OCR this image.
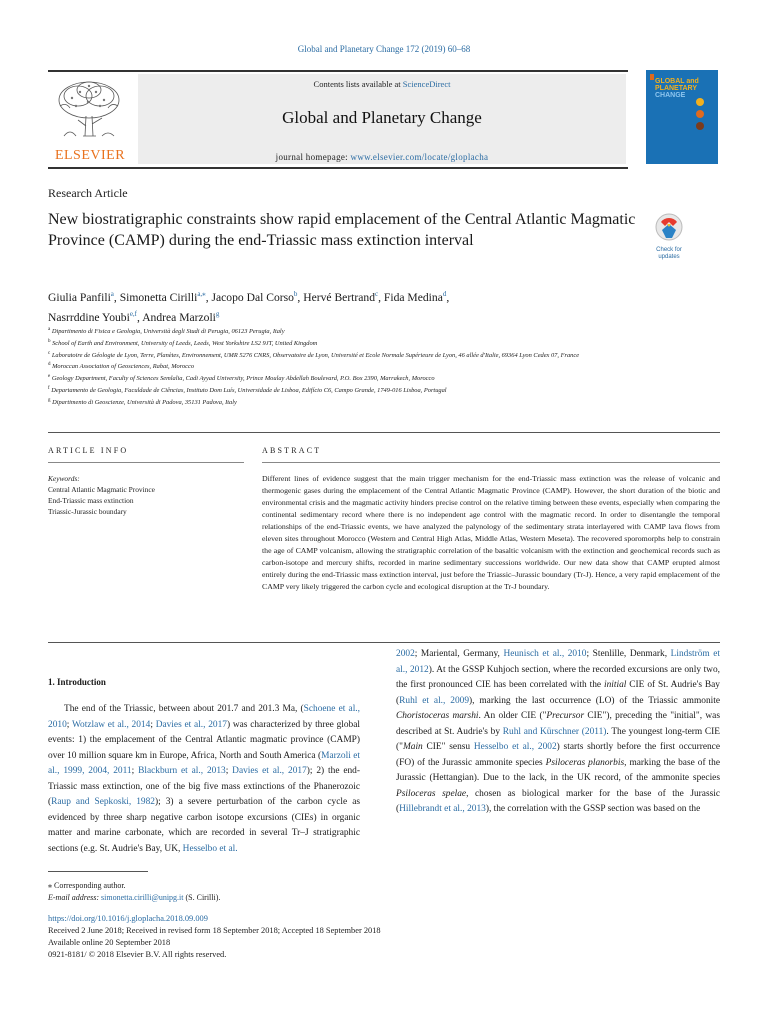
Global and Planetary Change 172 (2019) 60–68
ELSEVIER
Contents lists available at ScienceDirect
Global and Planetary Change
journal homepage: www.elsevier.com/locate/gloplacha
GLOBAL and
PLANETARY
CHANGE
Research Article
New biostratigraphic constraints show rapid emplacement of the Central Atlantic Magmatic Province (CAMP) during the end-Triassic mass extinction interval
Check for
updates
Giulia Panfili$^a$, Simonetta Cirilli$^{a,⁎}$, Jacopo Dal Corso$^b$, Hervé Bertrand$^c$, Fida Medina$^d$,
Nasrrddine Youbi$^{e,f}$, Andrea Marzoli$^g$
$^a$ Dipartimento di Fisica e Geologia, Università degli Studi di Perugia, 06123 Perugia, Italy
$^b$ School of Earth and Environment, University of Leeds, Leeds, West Yorkshire LS2 9JT, United Kingdom
$^c$ Laboratoire de Géologie de Lyon, Terre, Planètes, Environnement, UMR 5276 CNRS, Observatoire de Lyon, Université et Ecole Normale Supérieure de Lyon, 46 allée d'Italie, 69364 Lyon Cedex 07, France
$^d$ Moroccan Association of Geosciences, Rabat, Morocco
$^e$ Geology Department, Faculty of Sciences Semlalia, Cadi Ayyad University, Prince Moulay Abdellah Boulevard, P.O. Box 2390, Marrakech, Morocco
$^f$ Departamento de Geologia, Faculdade de Ciências, Instituto Dom Luís, Universidade de Lisboa, Edifício C6, Campo Grande, 1749-016 Lisboa, Portugal
$^g$ Dipartimento di Geoscienze, Università di Padova, 35131 Padova, Italy
ARTICLE INFO	ABSTRACT
Keywords:
Central Atlantic Magmatic Province
End-Triassic mass extinction
Triassic-Jurassic boundary
Different lines of evidence suggest that the main trigger mechanism for the end-Triassic mass extinction was the release of volcanic and thermogenic gases during the emplacement of the Central Atlantic Magmatic Province (CAMP). However, the short duration of the biotic and environmental crisis and the magmatic activity hinders precise control on the relative timing between these events, especially when comparing the continental sedimentary record where there is no independent age control with the magmatic record. In order to disentangle the temporal relationships of the end-Triassic events, we have analyzed the palynology of the sedimentary strata interlayered with CAMP lava flows from eleven sites throughout Morocco (Western and Central High Atlas, Middle Atlas, Western Meseta). The recovered sporomorphs help to constrain the age of CAMP volcanism, allowing the stratigraphic correlation of the basaltic volcanism with the extinction and geochemical records such as carbon-isotope and mercury shifts, recorded in marine sedimentary successions worldwide. Our new data show that CAMP erupted almost entirely during the end-Triassic mass extinction interval, just before the Triassic–Jurassic boundary (Tr-J). Hence, a very rapid emplacement of the CAMP very likely triggered the carbon cycle and ecological disruption at the Tr-J boundary.
1. Introduction
The end of the Triassic, between about 201.7 and 201.3 Ma, (Schoene et al., 2010; Wotzlaw et al., 2014; Davies et al., 2017) was characterized by three global events: 1) the emplacement of the Central Atlantic magmatic province (CAMP) over 10 million square km in Europe, Africa, North and South America (Marzoli et al., 1999, 2004, 2011; Blackburn et al., 2013; Davies et al., 2017); 2) the end-Triassic mass extinction, one of the big five mass extinctions of the Phanerozoic (Raup and Sepkoski, 1982); 3) a severe perturbation of the carbon cycle as evidenced by three sharp negative carbon isotope excursions (CIEs) in organic matter and marine carbonate, which are recorded in several Tr–J stratigraphic sections (e.g. St. Audrie's Bay, UK, Hesselbo et al.
2002; Mariental, Germany, Heunisch et al., 2010; Stenlille, Denmark, Lindström et al., 2012). At the GSSP Kuhjoch section, where the recorded excursions are only two, the first pronounced CIE has been correlated with the initial CIE of St. Audrie's Bay (Ruhl et al., 2009), marking the last occurrence (LO) of the Triassic ammonite Choristoceras marshi. An older CIE ("Precursor CIE"), preceding the "initial", was described at St. Audrie's by Ruhl and Kürschner (2011). The youngest long-term CIE ("Main CIE" sensu Hesselbo et al., 2002) starts shortly before the first occurrence (FO) of the Jurassic ammonite species Psiloceras planorbis, marking the base of the Jurassic (Hettangian). Due to the lack, in the UK record, of the ammonite species Psiloceras spelae, chosen as biological marker for the base of the Jurassic (Hillebrandt et al., 2013), the correlation with the GSSP section was based on the
⁎ Corresponding author.
E-mail address: simonetta.cirilli@unipg.it (S. Cirilli).
https://doi.org/10.1016/j.gloplacha.2018.09.009
Received 2 June 2018; Received in revised form 18 September 2018; Accepted 18 September 2018
Available online 20 September 2018
0921-8181/ © 2018 Elsevier B.V. All rights reserved.
